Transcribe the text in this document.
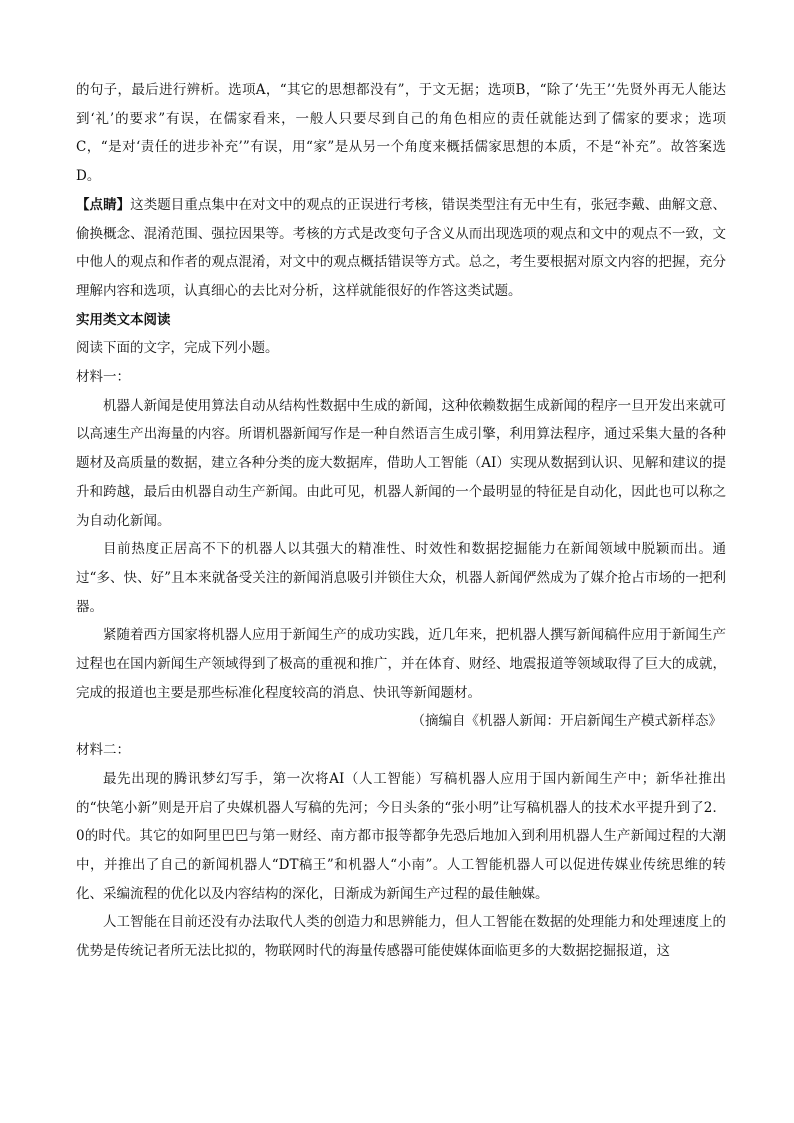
的句子，最后进行辨析。选项A，“其它的思想都没有”，于文无据；选项B，“除了‘先王’‘先贤外再无人能达到‘礼’的要求”有误，在儒家看来，一般人只要尽到自己的角色相应的责任就能达到了儒家的要求；选项C，“是对‘责任的进步补充’”有误，用“家”是从另一个角度来概括儒家思想的本质，不是“补充”。故答案选D。

【点睛】这类题目重点集中在对文中的观点的正误进行考核，错误类型注有无中生有，张冠李戴、曲解文意、偷换概念、混淆范围、强拉因果等。考核的方式是改变句子含义从而出现选项的观点和文中的观点不一致，文中他人的观点和作者的观点混淆，对文中的观点概括错误等方式。总之，考生要根据对原文内容的把握，充分理解内容和选项，认真细心的去比对分析，这样就能很好的作答这类试题。

实用类文本阅读

阅读下面的文字，完成下列小题。

材料一：

机器人新闻是使用算法自动从结构性数据中生成的新闻，这种依赖数据生成新闻的程序一旦开发出来就可以高速生产出海量的内容。所谓机器新闻写作是一种自然语言生成引擎，利用算法程序，通过采集大量的各种题材及高质量的数据，建立各种分类的庞大数据库，借助人工智能（AI）实现从数据到认识、见解和建议的提升和跨越，最后由机器自动生产新闻。由此可见，机器人新闻的一个最明显的特征是自动化，因此也可以称之为自动化新闻。

目前热度正居高不下的机器人以其强大的精准性、时效性和数据挖掘能力在新闻领域中脱颖而出。通过“多、快、好”且本来就备受关注的新闻消息吸引并锁住大众，机器人新闻俨然成为了媒介抢占市场的一把利器。

紧随着西方国家将机器人应用于新闻生产的成功实践，近几年来，把机器人撰写新闻稿件应用于新闻生产过程也在国内新闻生产领域得到了极高的重视和推广，并在体育、财经、地震报道等领域取得了巨大的成就，完成的报道也主要是那些标准化程度较高的消息、快讯等新闻题材。

（摘编自《机器人新闻：开启新闻生产模式新样态》

材料二：

最先出现的腾讯梦幻写手，第一次将AI（人工智能）写稿机器人应用于国内新闻生产中；新华社推出的“快笔小新”则是开启了央媒机器人写稿的先河；今日头条的“张小明”让写稿机器人的技术水平提升到了2．0的时代。其它的如阿里巴巴与第一财经、南方都市报等都争先恐后地加入到利用机器人生产新闻过程的大潮中，并推出了自己的新闻机器人“DT稿王”和机器人“小南”。人工智能机器人可以促进传媒业传统思维的转化、采编流程的优化以及内容结构的深化，日渐成为新闻生产过程的最佳触媒。

人工智能在目前还没有办法取代人类的创造力和思辨能力，但人工智能在数据的处理能力和处理速度上的优势是传统记者所无法比拟的，物联网时代的海量传感器可能使媒体面临更多的大数据挖掘报道，这
